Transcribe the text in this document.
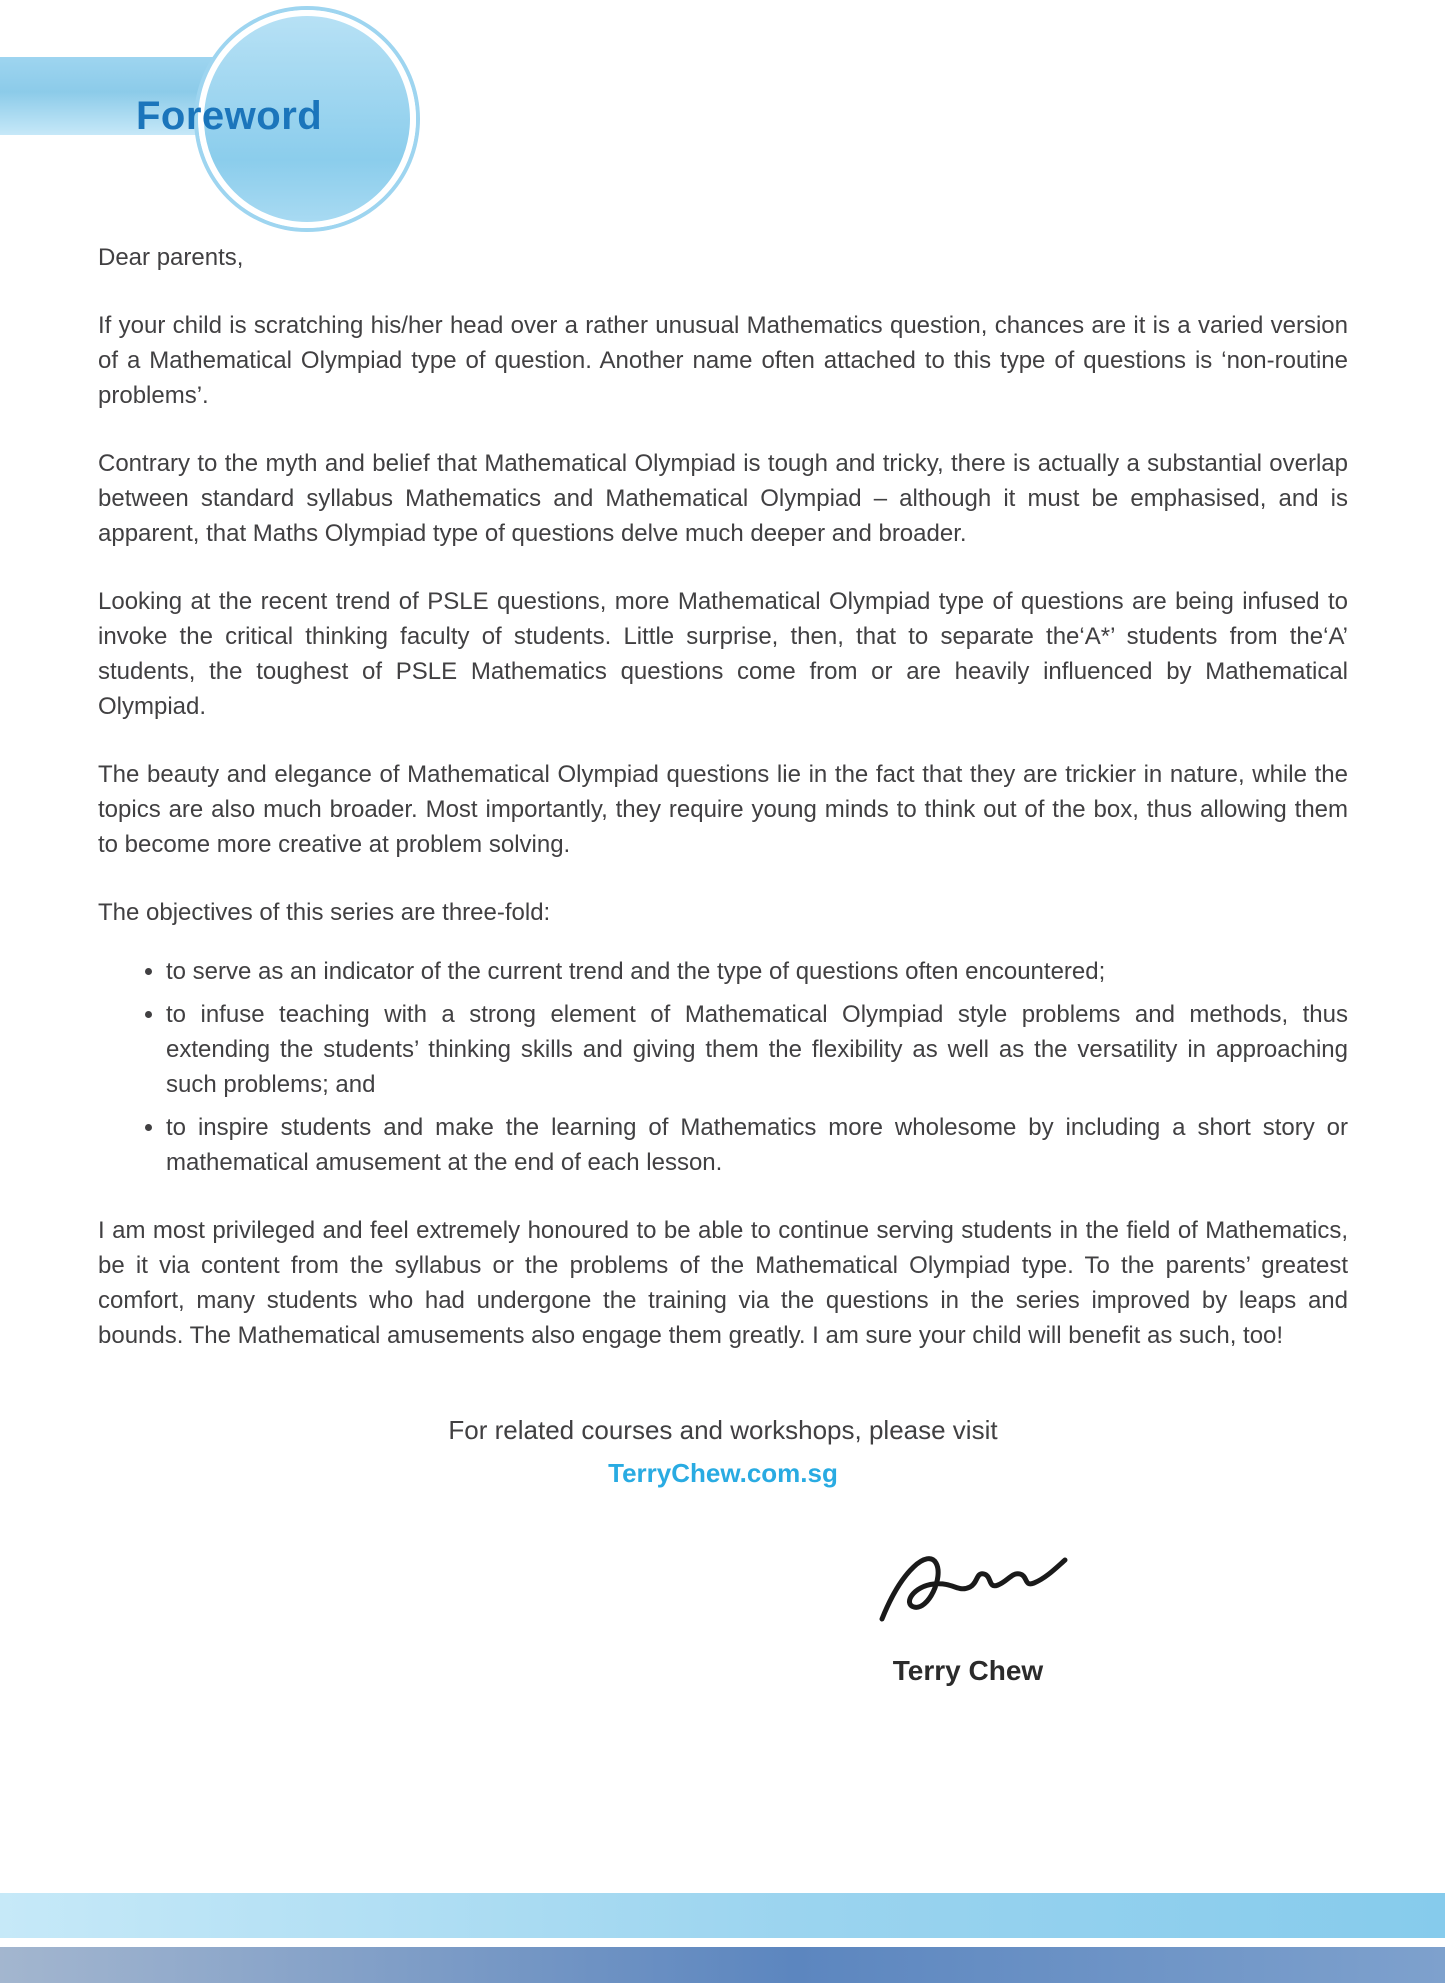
Foreword

Dear parents,

If your child is scratching his/her head over a rather unusual Mathematics question, chances are it is a varied version of a Mathematical Olympiad type of question. Another name often attached to this type of questions is ‘non-routine problems’.

Contrary to the myth and belief that Mathematical Olympiad is tough and tricky, there is actually a substantial overlap between standard syllabus Mathematics and Mathematical Olympiad – although it must be emphasised, and is apparent, that Maths Olympiad type of questions delve much deeper and broader.

Looking at the recent trend of PSLE questions, more Mathematical Olympiad type of questions are being infused to invoke the critical thinking faculty of students. Little surprise, then, that to separate the‘A*’ students from the‘A’ students, the toughest of PSLE Mathematics questions come from or are heavily influenced by Mathematical Olympiad.

The beauty and elegance of Mathematical Olympiad questions lie in the fact that they are trickier in nature, while the topics are also much broader. Most importantly, they require young minds to think out of the box, thus allowing them to become more creative at problem solving.

The objectives of this series are three-fold:

• to serve as an indicator of the current trend and the type of questions often encountered;
• to infuse teaching with a strong element of Mathematical Olympiad style problems and methods, thus extending the students’ thinking skills and giving them the flexibility as well as the versatility in approaching such problems; and
• to inspire students and make the learning of Mathematics more wholesome by including a short story or mathematical amusement at the end of each lesson.

I am most privileged and feel extremely honoured to be able to continue serving students in the field of Mathematics, be it via content from the syllabus or the problems of the Mathematical Olympiad type. To the parents’ greatest comfort, many students who had undergone the training via the questions in the series improved by leaps and bounds. The Mathematical amusements also engage them greatly. I am sure your child will benefit as such, too!

For related courses and workshops, please visit
TerryChew.com.sg
Terry Chew
